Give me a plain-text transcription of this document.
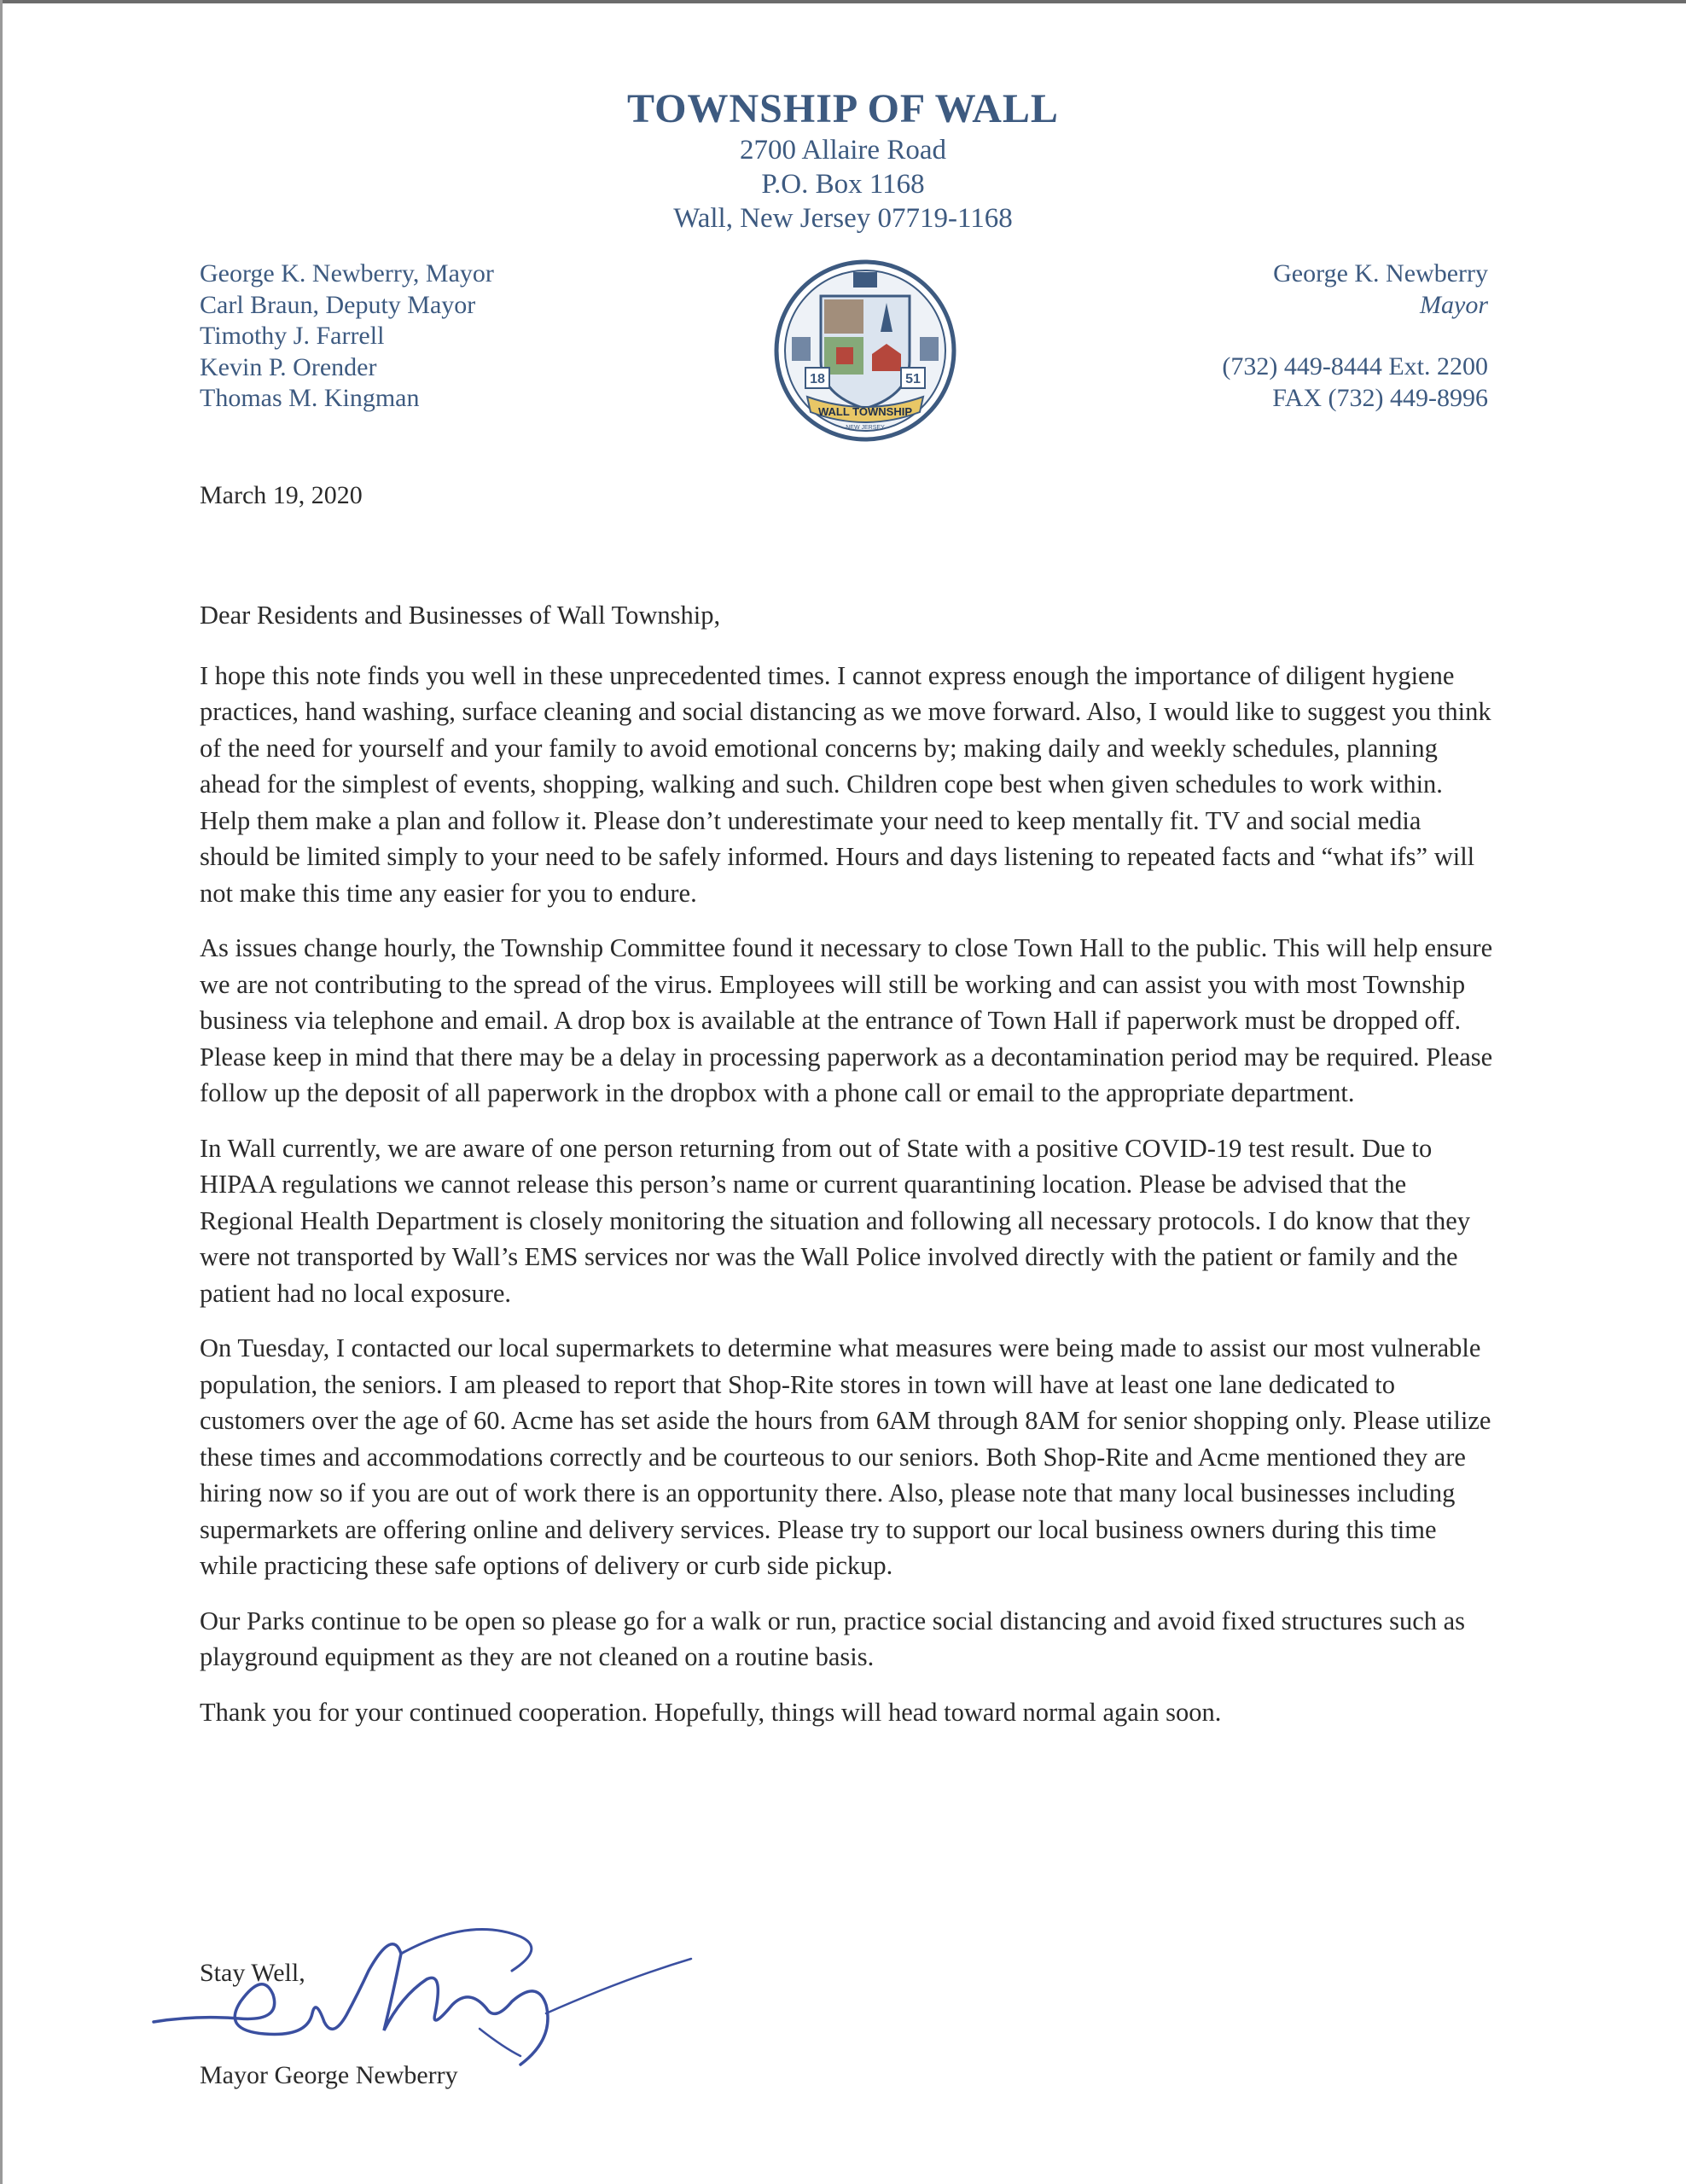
TOWNSHIP OF WALL
2700 Allaire Road
P.O. Box 1168
Wall, New Jersey 07719-1168
George K. Newberry, Mayor
Carl Braun, Deputy Mayor
Timothy J. Farrell
Kevin P. Orender
Thomas M. Kingman
18	51
WALL TOWNSHIP
NEW JERSEY
George K. Newberry
Mayor
(732) 449-8444 Ext. 2200
FAX (732) 449-8996
March 19, 2020

Dear Residents and Businesses of Wall Township,

I hope this note finds you well in these unprecedented times. I cannot express enough the importance of diligent hygiene practices, hand washing, surface cleaning and social distancing as we move forward. Also, I would like to suggest you think of the need for yourself and your family to avoid emotional concerns by; making daily and weekly schedules, planning ahead for the simplest of events, shopping, walking and such. Children cope best when given schedules to work within. Help them make a plan and follow it. Please don’t underestimate your need to keep mentally fit. TV and social media should be limited simply to your need to be safely informed. Hours and days listening to repeated facts and “what ifs” will not make this time any easier for you to endure.

As issues change hourly, the Township Committee found it necessary to close Town Hall to the public. This will help ensure we are not contributing to the spread of the virus. Employees will still be working and can assist you with most Township business via telephone and email. A drop box is available at the entrance of Town Hall if paperwork must be dropped off. Please keep in mind that there may be a delay in processing paperwork as a decontamination period may be required. Please follow up the deposit of all paperwork in the dropbox with a phone call or email to the appropriate department.

In Wall currently, we are aware of one person returning from out of State with a positive COVID-19 test result. Due to HIPAA regulations we cannot release this person’s name or current quarantining location. Please be advised that the Regional Health Department is closely monitoring the situation and following all necessary protocols. I do know that they were not transported by Wall’s EMS services nor was the Wall Police involved directly with the patient or family and the patient had no local exposure.

On Tuesday, I contacted our local supermarkets to determine what measures were being made to assist our most vulnerable population, the seniors. I am pleased to report that Shop-Rite stores in town will have at least one lane dedicated to customers over the age of 60. Acme has set aside the hours from 6AM through 8AM for senior shopping only. Please utilize these times and accommodations correctly and be courteous to our seniors. Both Shop-Rite and Acme mentioned they are hiring now so if you are out of work there is an opportunity there. Also, please note that many local businesses including supermarkets are offering online and delivery services. Please try to support our local business owners during this time while practicing these safe options of delivery or curb side pickup.

Our Parks continue to be open so please go for a walk or run, practice social distancing and avoid fixed structures such as playground equipment as they are not cleaned on a routine basis.

Thank you for your continued cooperation. Hopefully, things will head toward normal again soon.

Stay Well,
Mayor George Newberry
